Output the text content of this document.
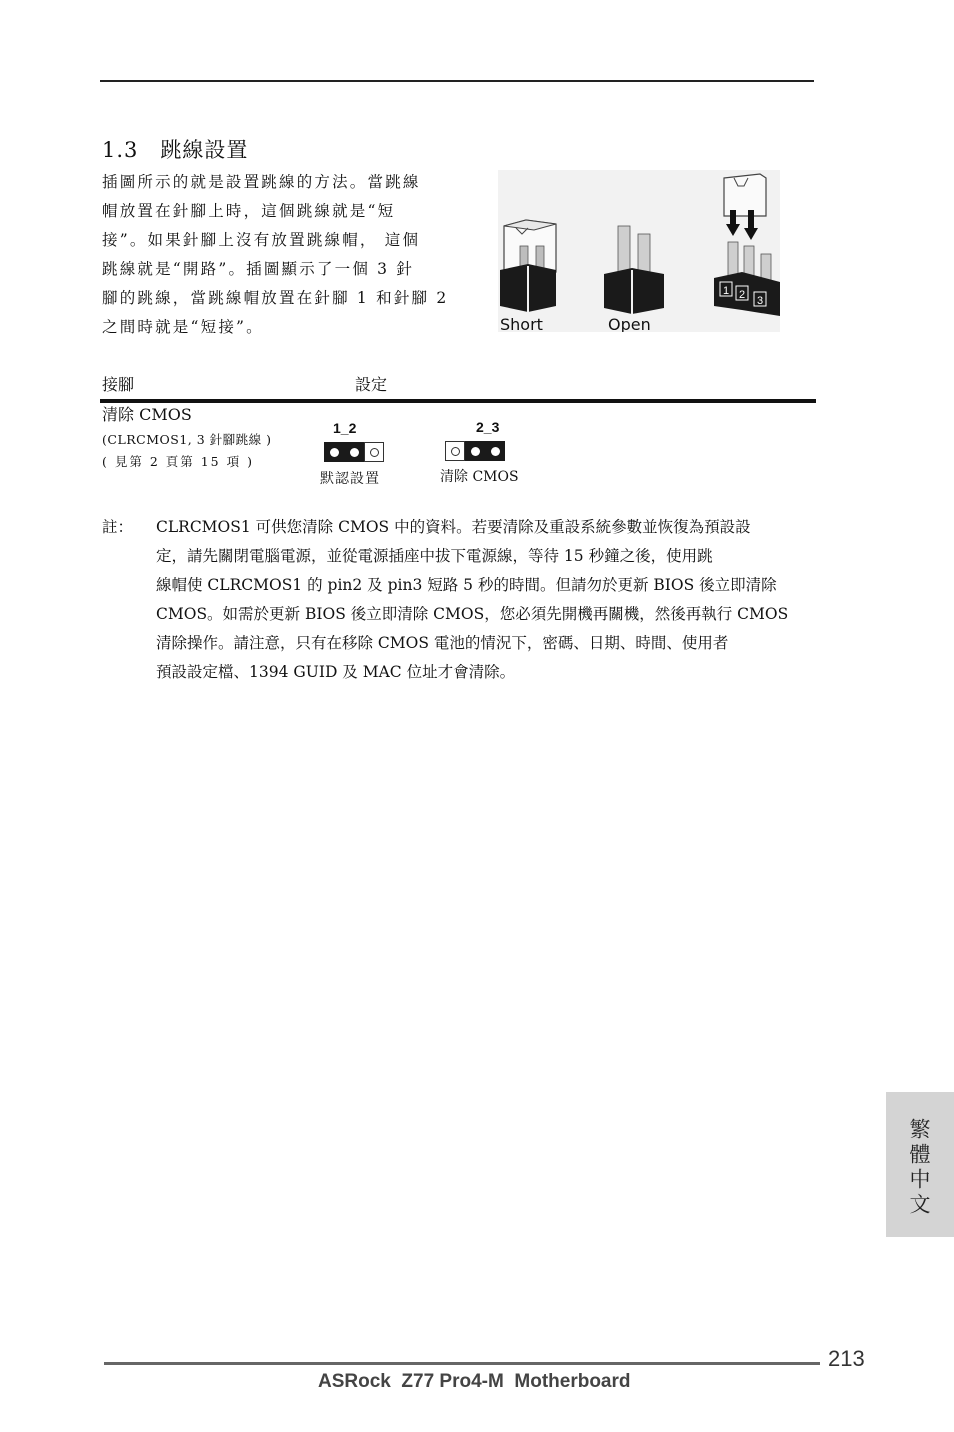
1.3 跳線設置

插圖所示的就是設置跳線的方法。當跳線

帽放置在針腳上時，這個跳線就是“短

接”。如果針腳上沒有放置跳線帽， 這個

跳線就是“開路”。插圖顯示了一個 3 針

腳的跳線，當跳線帽放置在針腳 1 和針腳 2

之間時就是“短接”。

1 2 3
Short	Open
接腳	設定
清除 CMOS
(CLRCMOS1, 3 針腳跳線 )
( 見第 2 頁第 15 項 )
1_2
默認設置
2_3
清除 CMOS
註： CLRCMOS1 可供您清除 CMOS 中的資料。若要清除及重設系統參數並恢復為預設設

定，請先關閉電腦電源，並從電源插座中拔下電源線，等待 15 秒鐘之後，使用跳

線帽使 CLRCMOS1 的 pin2 及 pin3 短路 5 秒的時間。但請勿於更新 BIOS 後立即清除

CMOS。如需於更新 BIOS 後立即清除 CMOS，您必須先開機再關機，然後再執行 CMOS

清除操作。請注意，只有在移除 CMOS 電池的情況下，密碼、日期、時間、使用者

預設設定檔、1394 GUID 及 MAC 位址才會清除。

繁體中文
213
ASRock  Z77 Pro4-M  Motherboard
